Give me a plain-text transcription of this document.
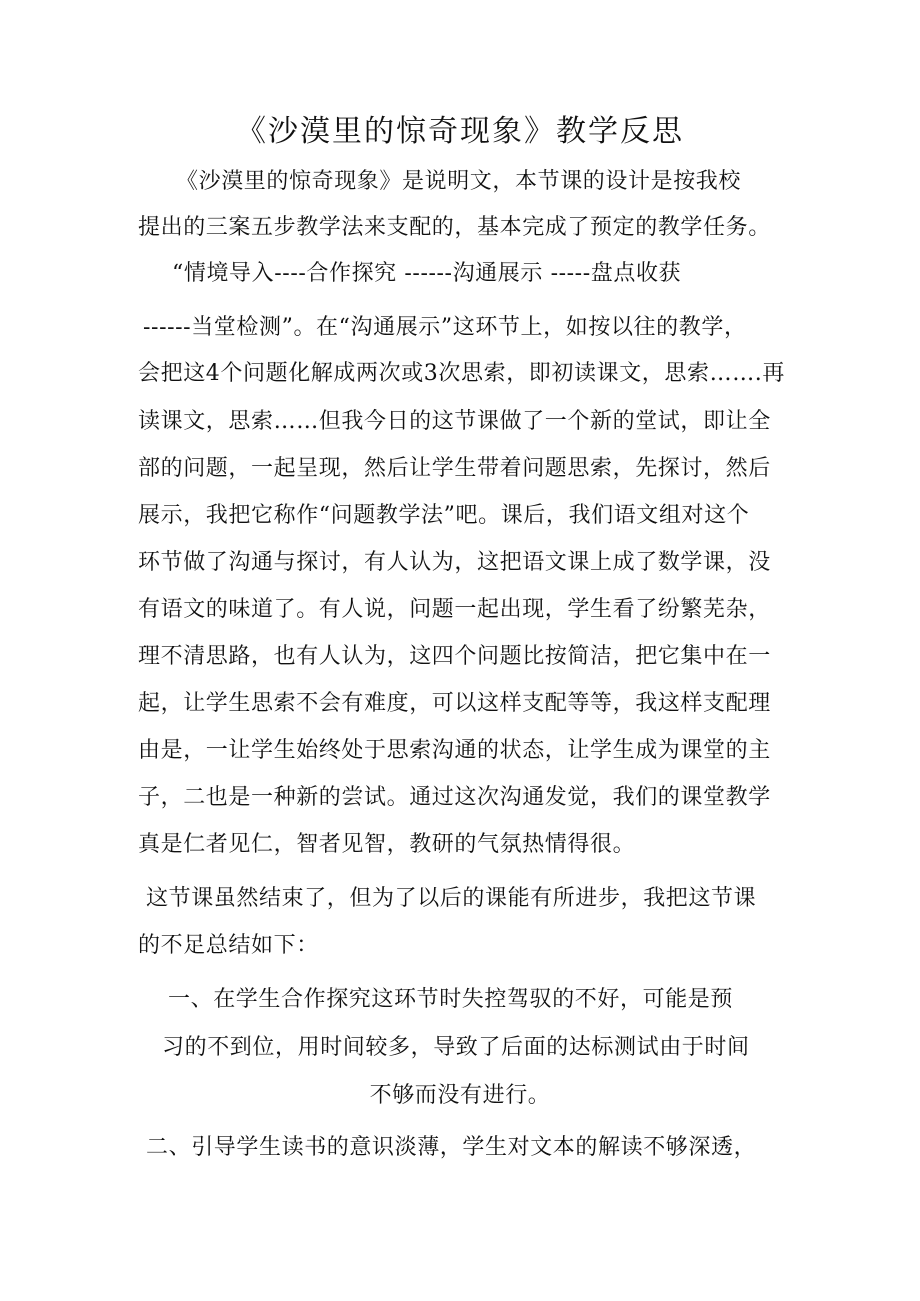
《沙漠里的惊奇现象》教学反思
《沙漠里的惊奇现象》是说明文，本节课的设计是按我校
提出的三案五步教学法来支配的，基本完成了预定的教学任务。
“情境导入----合作探究 ------沟通展示 -----盘点收获
------当堂检测”。在“沟通展示”这环节上，如按以往的教学，
会把这4个问题化解成两次或3次思索，即初读课文，思索…….再
读课文，思索……但我今日的这节课做了一个新的堂试，即让全
部的问题，一起呈现，然后让学生带着问题思索，先探讨，然后
展示，我把它称作“问题教学法”吧。课后，我们语文组对这个
环节做了沟通与探讨，有人认为，这把语文课上成了数学课，没
有语文的味道了。有人说，问题一起出现，学生看了纷繁芜杂，
理不清思路，也有人认为，这四个问题比按简洁，把它集中在一
起，让学生思索不会有难度，可以这样支配等等，我这样支配理
由是，一让学生始终处于思索沟通的状态，让学生成为课堂的主
子，二也是一种新的尝试。通过这次沟通发觉，我们的课堂教学
真是仁者见仁，智者见智，教研的气氛热情得很。
这节课虽然结束了，但为了以后的课能有所进步，我把这节课
的不足总结如下：
一、在学生合作探究这环节时失控驾驭的不好，可能是预
习的不到位，用时间较多，导致了后面的达标测试由于时间
不够而没有进行。
二、引导学生读书的意识淡薄，学生对文本的解读不够深透，
